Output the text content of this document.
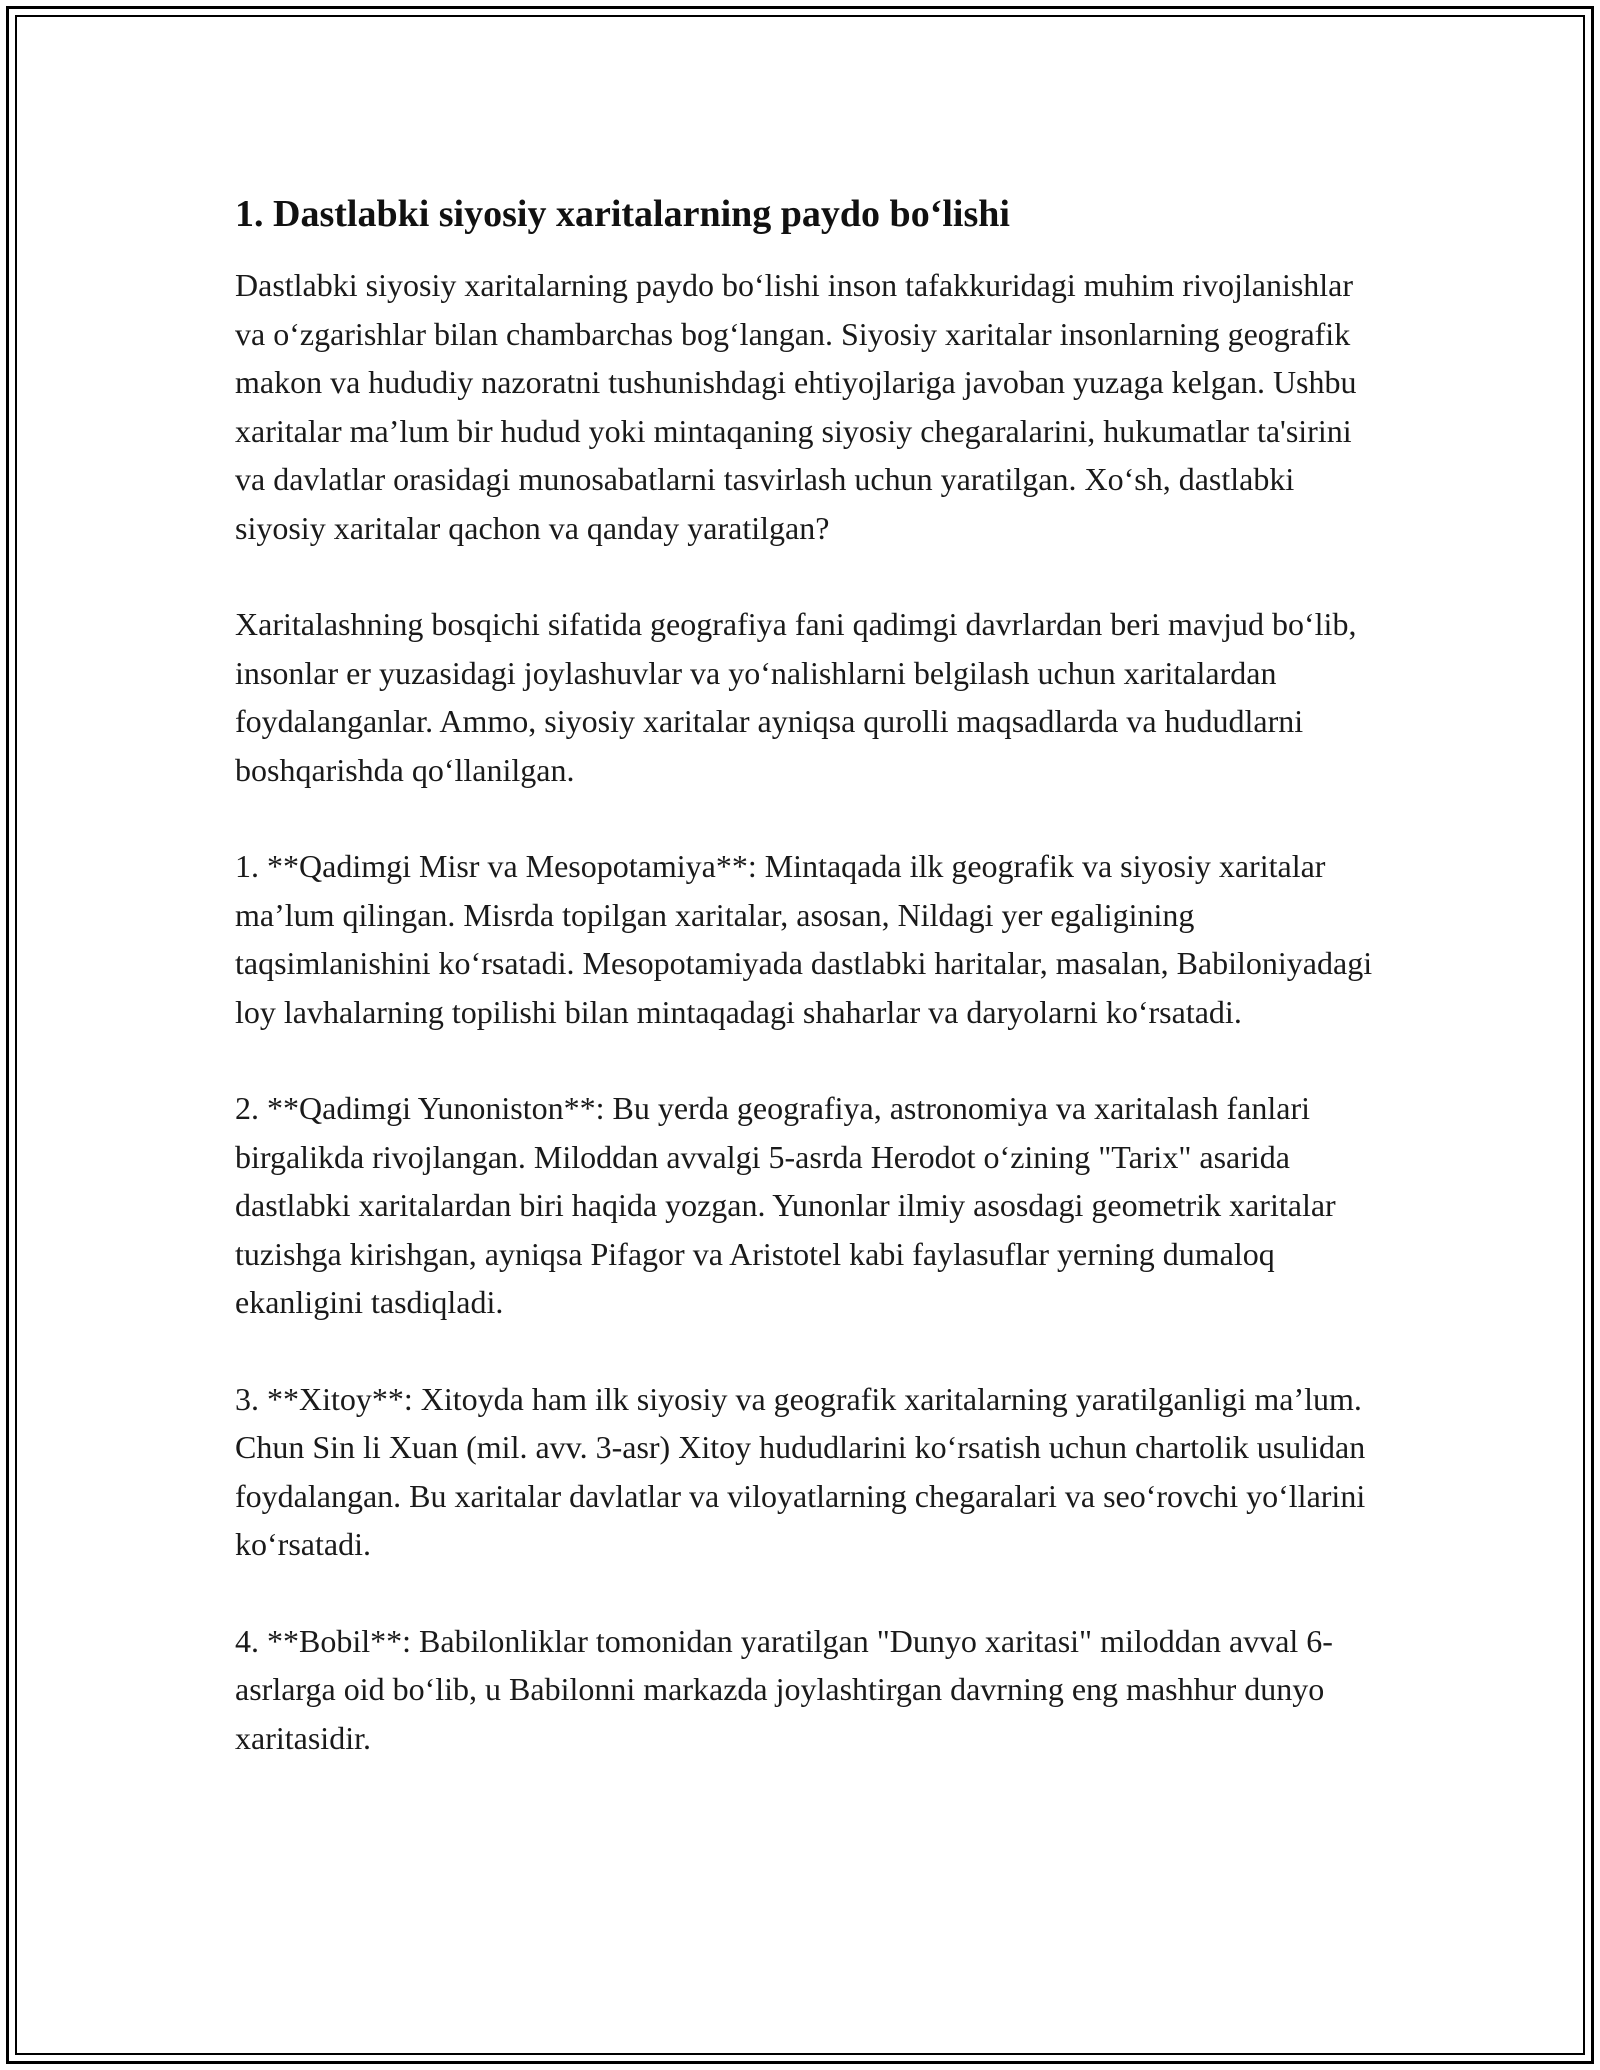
1. Dastlabki siyosiy xaritalarning paydo bo‘lishi

Dastlabki siyosiy xaritalarning paydo bo‘lishi inson tafakkuridagi muhim rivojlanishlar va o‘zgarishlar bilan chambarchas bog‘langan. Siyosiy xaritalar insonlarning geografik makon va hududiy nazoratni tushunishdagi ehtiyojlariga javoban yuzaga kelgan. Ushbu xaritalar ma’lum bir hudud yoki mintaqaning siyosiy chegaralarini, hukumatlar ta'sirini va davlatlar orasidagi munosabatlarni tasvirlash uchun yaratilgan. Xo‘sh, dastlabki siyosiy xaritalar qachon va qanday yaratilgan?

Xaritalashning bosqichi sifatida geografiya fani qadimgi davrlardan beri mavjud bo‘lib, insonlar er yuzasidagi joylashuvlar va yo‘nalishlarni belgilash uchun xaritalardan foydalanganlar. Ammo, siyosiy xaritalar ayniqsa qurolli maqsadlarda va hududlarni boshqarishda qo‘llanilgan.

1. **Qadimgi Misr va Mesopotamiya**: Mintaqada ilk geografik va siyosiy xaritalar ma’lum qilingan. Misrda topilgan xaritalar, asosan, Nildagi yer egaligining taqsimlanishini ko‘rsatadi. Mesopotamiyada dastlabki haritalar, masalan, Babiloniyadagi loy lavhalarning topilishi bilan mintaqadagi shaharlar va daryolarni ko‘rsatadi.

2. **Qadimgi Yunoniston**: Bu yerda geografiya, astronomiya va xaritalash fanlari birgalikda rivojlangan. Miloddan avvalgi 5-asrda Herodot o‘zining "Tarix" asarida dastlabki xaritalardan biri haqida yozgan. Yunonlar ilmiy asosdagi geometrik xaritalar tuzishga kirishgan, ayniqsa Pifagor va Aristotel kabi faylasuflar yerning dumaloq ekanligini tasdiqladi.

3. **Xitoy**: Xitoyda ham ilk siyosiy va geografik xaritalarning yaratilganligi ma’lum. Chun Sin li Xuan (mil. avv. 3-asr) Xitoy hududlarini ko‘rsatish uchun chartolik usulidan foydalangan. Bu xaritalar davlatlar va viloyatlarning chegaralari va seo‘rovchi yo‘llarini ko‘rsatadi.

4. **Bobil**: Babilonliklar tomonidan yaratilgan "Dunyo xaritasi" miloddan avval 6-asrlarga oid bo‘lib, u Babilonni markazda joylashtirgan davrning eng mashhur dunyo xaritasidir.
